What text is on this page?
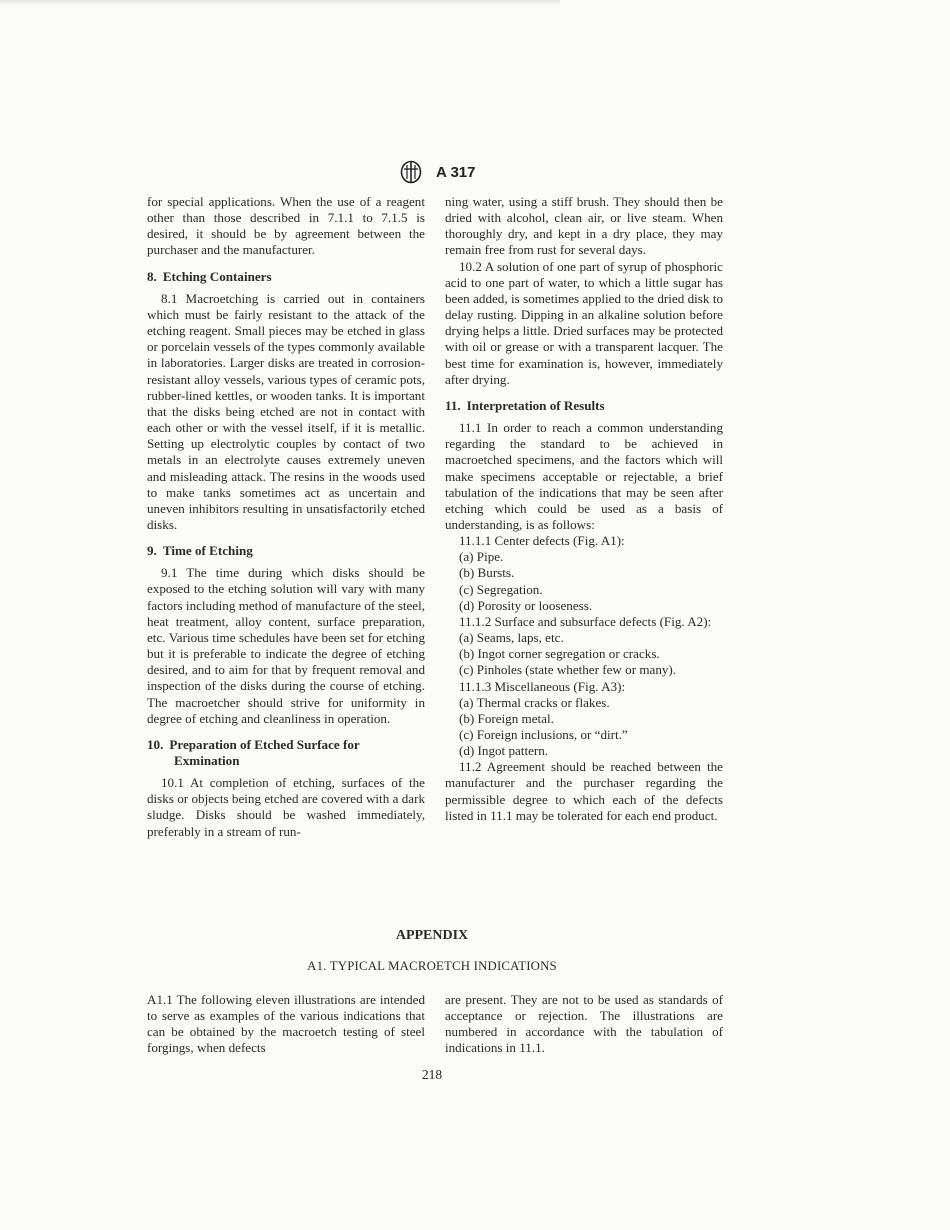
A 317

for special applications. When the use of a reagent other than those described in 7.1.1 to 7.1.5 is desired, it should be by agreement between the purchaser and the manufacturer.

8. Etching Containers

8.1 Macroetching is carried out in containers which must be fairly resistant to the attack of the etching reagent. Small pieces may be etched in glass or porcelain vessels of the types commonly available in laboratories. Larger disks are treated in corrosion-resistant alloy vessels, various types of ceramic pots, rubber-lined kettles, or wooden tanks. It is important that the disks being etched are not in contact with each other or with the vessel itself, if it is metallic. Setting up electrolytic couples by contact of two metals in an electrolyte causes extremely uneven and misleading attack. The resins in the woods used to make tanks sometimes act as uncertain and uneven inhibitors resulting in unsatisfactorily etched disks.

9. Time of Etching

9.1 The time during which disks should be exposed to the etching solution will vary with many factors including method of manufacture of the steel, heat treatment, alloy content, surface preparation, etc. Various time schedules have been set for etching but it is preferable to indicate the degree of etching desired, and to aim for that by frequent removal and inspection of the disks during the course of etching. The macroetcher should strive for uniformity in degree of etching and cleanliness in operation.

10. Preparation of Etched Surface for Exmination

10.1 At completion of etching, surfaces of the disks or objects being etched are covered with a dark sludge. Disks should be washed immediately, preferably in a stream of run-

ning water, using a stiff brush. They should then be dried with alcohol, clean air, or live steam. When thoroughly dry, and kept in a dry place, they may remain free from rust for several days.

10.2 A solution of one part of syrup of phosphoric acid to one part of water, to which a little sugar has been added, is sometimes applied to the dried disk to delay rusting. Dipping in an alkaline solution before drying helps a little. Dried surfaces may be protected with oil or grease or with a transparent lacquer. The best time for examination is, however, immediately after drying.

11. Interpretation of Results

11.1 In order to reach a common understanding regarding the standard to be achieved in macroetched specimens, and the factors which will make specimens acceptable or rejectable, a brief tabulation of the indications that may be seen after etching which could be used as a basis of understanding, is as follows:

11.1.1 Center defects (Fig. A1):

(a) Pipe.

(b) Bursts.

(c) Segregation.

(d) Porosity or looseness.

11.1.2 Surface and subsurface defects (Fig. A2):

(a) Seams, laps, etc.

(b) Ingot corner segregation or cracks.

(c) Pinholes (state whether few or many).

11.1.3 Miscellaneous (Fig. A3):

(a) Thermal cracks or flakes.

(b) Foreign metal.

(c) Foreign inclusions, or “dirt.”

(d) Ingot pattern.

11.2 Agreement should be reached between the manufacturer and the purchaser regarding the permissible degree to which each of the defects listed in 11.1 may be tolerated for each end product.

APPENDIX
A1. TYPICAL MACROETCH INDICATIONS

A1.1 The following eleven illustrations are intended to serve as examples of the various indications that can be obtained by the macroetch testing of steel forgings, when defects

are present. They are not to be used as standards of acceptance or rejection. The illustrations are numbered in accordance with the tabulation of indications in 11.1.

218
